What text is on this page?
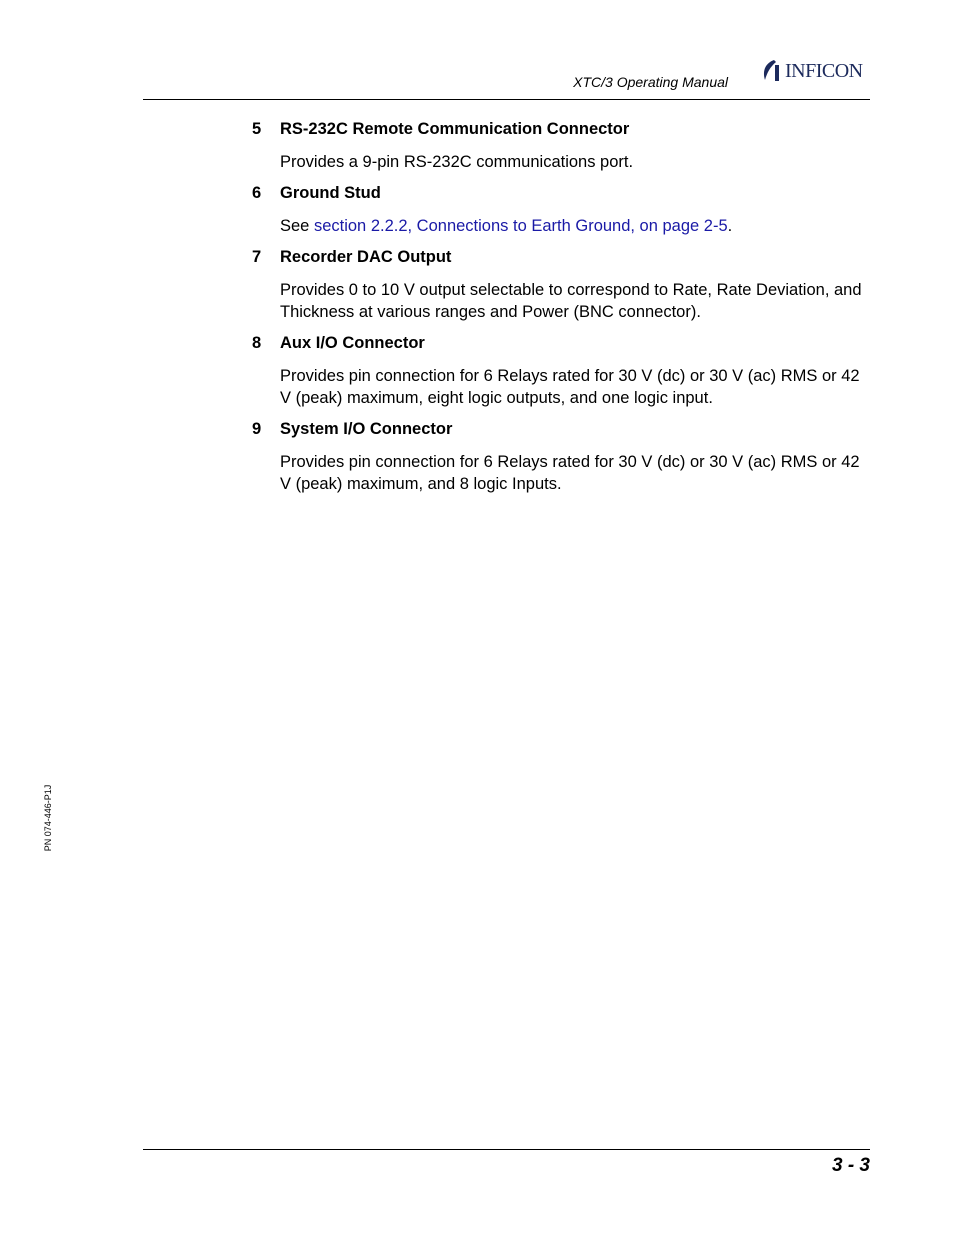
XTC/3 Operating Manual
INFICON
5	RS-232C Remote Communication Connector
Provides a 9-pin RS-232C communications port.
6	Ground Stud
See section 2.2.2, Connections to Earth Ground, on page 2-5.
7	Recorder DAC Output
Provides 0 to 10 V output selectable to correspond to Rate, Rate Deviation, and Thickness at various ranges and Power (BNC connector).
8	Aux I/O Connector
Provides pin connection for 6 Relays rated for 30 V (dc) or 30 V (ac) RMS or 42 V (peak) maximum, eight logic outputs, and one logic input.
9	System I/O Connector
Provides pin connection for 6 Relays rated for 30 V (dc) or 30 V (ac) RMS or 42 V (peak) maximum, and 8 logic Inputs.
PN 074-446-P1J
3 - 3
